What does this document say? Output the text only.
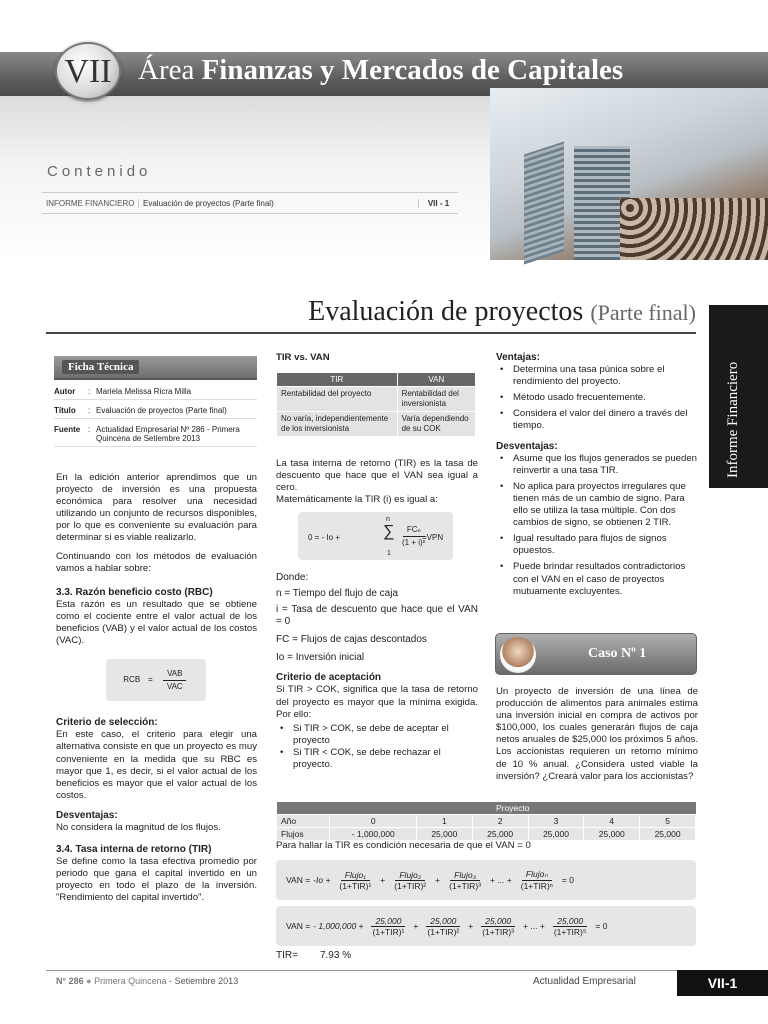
VII Área Finanzas y Mercados de Capitales
Contenido
INFORME FINANCIERO	Evaluación de proyectos (Parte final)	VII - 1
Evaluación de proyectos (Parte final)
Informe Financiero
Ficha Técnica
Autor	: Mariela Melissa Ricra Milla
Título	: Evaluación de proyectos (Parte final)
Fuente : Actualidad Empresarial Nº 286 - Primera Quincena de Setiembre 2013

En la edición anterior aprendimos que un proyecto de inversión es una propuesta económica para resolver una necesidad utilizando un conjunto de recursos disponibles, por lo que es conveniente su evaluación para determinar si es viable realizarlo.

Continuando con los métodos de evaluación vamos a hablar sobre:

3.3. Razón beneficio costo (RBC)

Esta razón es un resultado que se obtiene como el cociente entre el valor actual de los beneficios (VAB) y el valor actual de los costos (VAC).

RCB = $\frac{\text{VAB}}{\text{VAC}}$
Criterio de selección:

En este caso, el criterio para elegir una alternativa consiste en que un proyecto es muy conveniente en la medida que su RBC es mayor que 1, es decir, si el valor actual de los beneficios es mayor que el valor actual de los costos.

Desventajas:

No considera la magnitud de los flujos.

3.4. Tasa interna de retorno (TIR)

Se define como la tasa efectiva promedio por periodo que gana el capital invertido en un proyecto en todo el plazo de la inversión. "Rendimiento del capital invertido".

TIR vs. VAN
TIR	VAN
Rentabilidad del proyecto	Rentabilidad del inversionista
No varía, independientemente de los inversionista	Varía dependiendo de su COK

La tasa interna de retorno (TIR) es la tasa de descuento que hace que el VAN sea igual a cero.

Matemáticamente la TIR (i) es igual a:

0 = - Io +	∑
n
1
FCₙ
(1 + i)ⁿ
=VPN

Donde:

n = Tiempo del flujo de caja

i = Tasa de descuento que hace que el VAN = 0

FC = Flujos de cajas descontados

Io = Inversión inicial

Criterio de aceptación

Si TIR > COK, significa que la tasa de retorno del proyecto es mayor que la mínima exigida. Por ello:

• Si TIR > COK, se debe de aceptar el proyecto
• Si TIR < COK, se debe rechazar el proyecto.
Ventajas:
• Determina una tasa púnica sobre el rendimiento del proyecto.
• Método usado frecuentemente.
• Considera el valor del dinero a través del tiempo.
Desventajas:
• Asume que los flujos generados se pueden reinvertir a una tasa TIR.
• No aplica para proyectos irregulares que tienen más de un cambio de signo. Para ello se utiliza la tasa múltiple. Con dos cambios de signo, se obtienen 2 TIR.
• Igual resultado para flujos de signos opuestos.
• Puede brindar resultados contradictorios con el VAN en el caso de proyectos mutuamente excluyentes.
Caso Nº 1

Un proyecto de inversión de una línea de producción de alimentos para animales estima una inversión inicial en compra de activos por $100,000, los cuales generarán flujos de caja netos anuales de $25,000 los próximos 5 años. Los accionistas requieren un retorno mínimo de 10 % anual. ¿Considera usted viable la inversión? ¿Creará valor para los accionistas?

	Proyecto					
Año	0	1	2	3	4	5
Flujos	- 1,000,000	25,000	25,000	25,000	25,000	25,000
Para hallar la TIR es condición necesaria de que el VAN = 0
VAN = $-Io + \frac{\text{Flujo₁}}{\text{(1+TIR)¹}} + \frac{\text{Flujo₂}}{\text{(1+TIR)²}} + \frac{\text{Flujo₃}}{\text{(1+TIR)³}}$ + ... + $\frac{\text{Flujoₙ}}{\text{(1+TIR)ⁿ}} = 0$
VAN = - $1,000,000 + \frac{25,000}{\text{(1+TIR)¹}} + \frac{25,000}{\text{(1+TIR)²}} + \frac{25,000}{\text{(1+TIR)³}}$ + ... + $\frac{25,000}{\text{(1+TIR)⁵}} = 0$
TIR= 7.93 %
N° 286 ● Primera Quincena - Setiembre 2013	Actualidad Empresarial	VII-1
